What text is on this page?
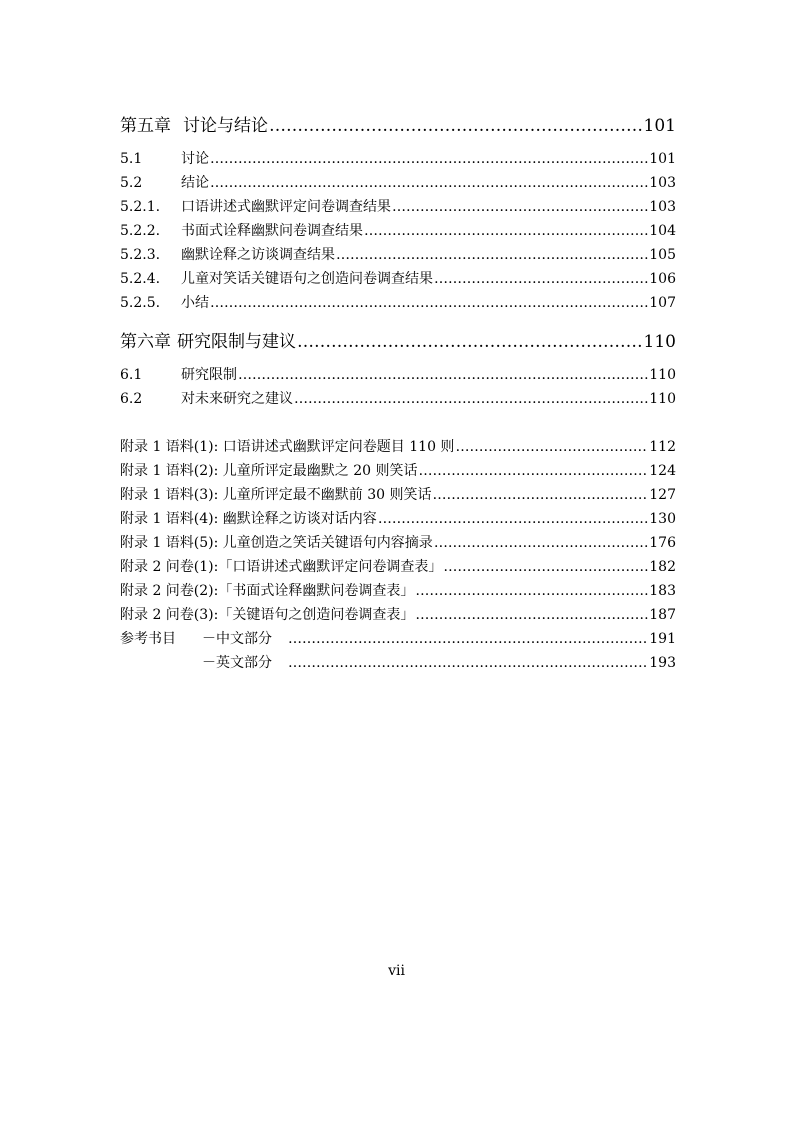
第五章 讨论与结论 ……………………………………………………………………………………………………………………………………………………	101
5.1	讨论 ……………………………………………………………………………………………………………………………………………………	101
5.2	结论 ……………………………………………………………………………………………………………………………………………………	103
5.2.1.	口语讲述式幽默评定问卷调查结果 ……………………………………………………………………………………………………………………………………………………	103
5.2.2.	书面式诠释幽默问卷调查结果 ……………………………………………………………………………………………………………………………………………………	104
5.2.3.	幽默诠释之访谈调查结果 ……………………………………………………………………………………………………………………………………………………	105
5.2.4.	儿童对笑话关键语句之创造问卷调查结果 ……………………………………………………………………………………………………………………………………………………	106
5.2.5.	小结 ……………………………………………………………………………………………………………………………………………………	107
第六章 研究限制与建议 ……………………………………………………………………………………………………………………………………………………	110
6.1	研究限制 ……………………………………………………………………………………………………………………………………………………	110
6.2	对未来研究之建议 ……………………………………………………………………………………………………………………………………………………	110
附录 1 语料(1): 口语讲述式幽默评定问卷题目 110 则 ……………………………………………………………………………………………………………………………………………………	112
附录 1 语料(2): 儿童所评定最幽默之 20 则笑话 ……………………………………………………………………………………………………………………………………………………	124
附录 1 语料(3): 儿童所评定最不幽默前 30 则笑话 ……………………………………………………………………………………………………………………………………………………	127
附录 1 语料(4): 幽默诠释之访谈对话内容 ……………………………………………………………………………………………………………………………………………………	130
附录 1 语料(5): 儿童创造之笑话关键语句内容摘录 ……………………………………………………………………………………………………………………………………………………	176
附录 2 问卷(1):「口语讲述式幽默评定问卷调查表」 ……………………………………………………………………………………………………………………………………………………	182
附录 2 问卷(2):「书面式诠释幽默问卷调查表」 ……………………………………………………………………………………………………………………………………………………	183
附录 2 问卷(3):「关键语句之创造问卷调查表」 ……………………………………………………………………………………………………………………………………………………	187
参考书目	－中文部分 ……………………………………………………………………………………………………………………………………………………	191
－英文部分 ……………………………………………………………………………………………………………………………………………………	193
vii
